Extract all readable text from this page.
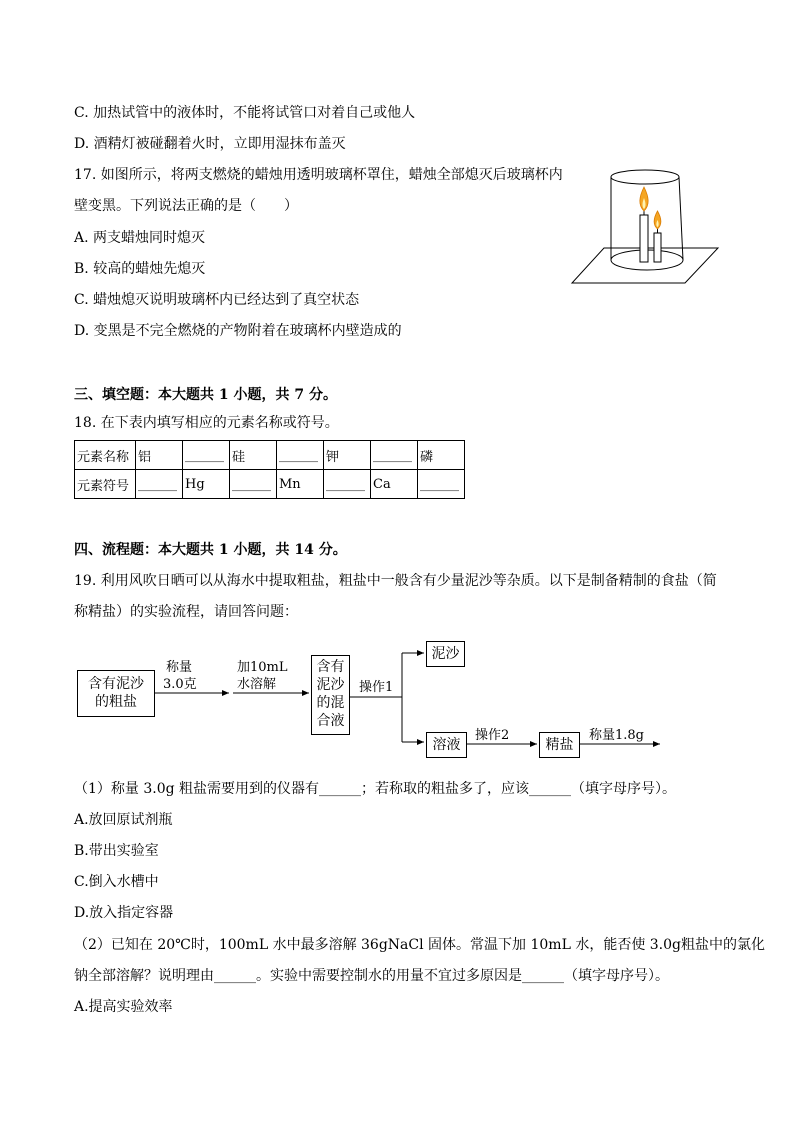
C. 加热试管中的液体时，不能将试管口对着自己或他人
D. 酒精灯被碰翻着火时，立即用湿抹布盖灭
17. 如图所示，将两支燃烧的蜡烛用透明玻璃杯罩住，蜡烛全部熄灭后玻璃杯内
壁变黑。下列说法正确的是（　　）
A. 两支蜡烛同时熄灭
B. 较高的蜡烛先熄灭
C. 蜡烛熄灭说明玻璃杯内已经达到了真空状态
D. 变黑是不完全燃烧的产物附着在玻璃杯内壁造成的
三、填空题：本大题共 1 小题，共 7 分。
18. 在下表内填写相应的元素名称或符号。
元素名称	铝	______	硅	______	钾	______	磷
元素符号	______	Hg	______	Mn	______	Ca	______
四、流程题：本大题共 1 小题，共 14 分。
19. 利用风吹日晒可以从海水中提取粗盐，粗盐中一般含有少量泥沙等杂质。以下是制备精制的食盐（简
称精盐）的实验流程，请回答问题：
含有泥沙的粗盐
称量
3.0克
加10mL
水溶解
含有泥沙的混合液
操作1
泥沙
溶液
操作2
精盐
称量1.8g
（1）称量 3.0g 粗盐需要用到的仪器有______；若称取的粗盐多了，应该______（填字母序号）。
A.放回原试剂瓶
B.带出实验室
C.倒入水槽中
D.放入指定容器
（2）已知在 20℃时，100mL 水中最多溶解 36gNaCl 固体。常温下加 10mL 水，能否使 3.0g粗盐中的氯化
钠全部溶解？说明理由______。实验中需要控制水的用量不宜过多原因是______（填字母序号）。
A.提高实验效率
